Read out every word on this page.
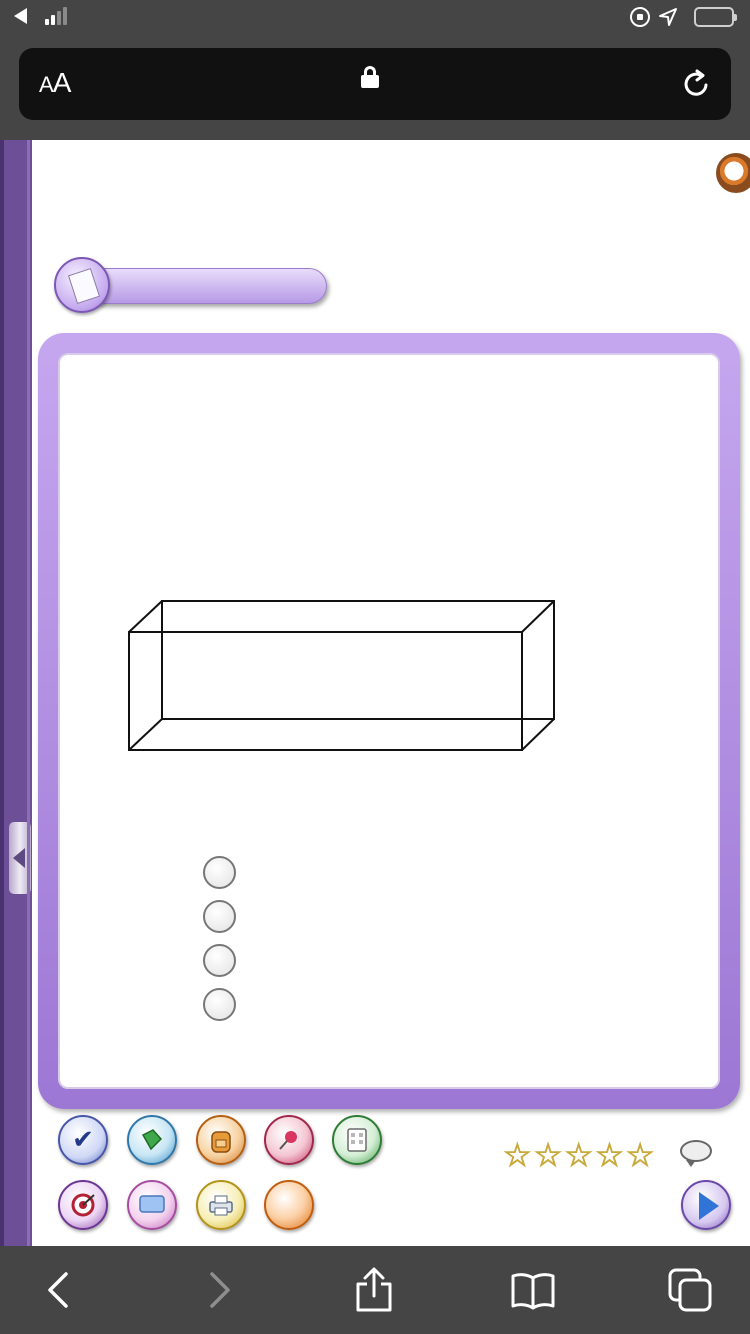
AA
✔	☆ ☆ ☆ ☆ ☆
